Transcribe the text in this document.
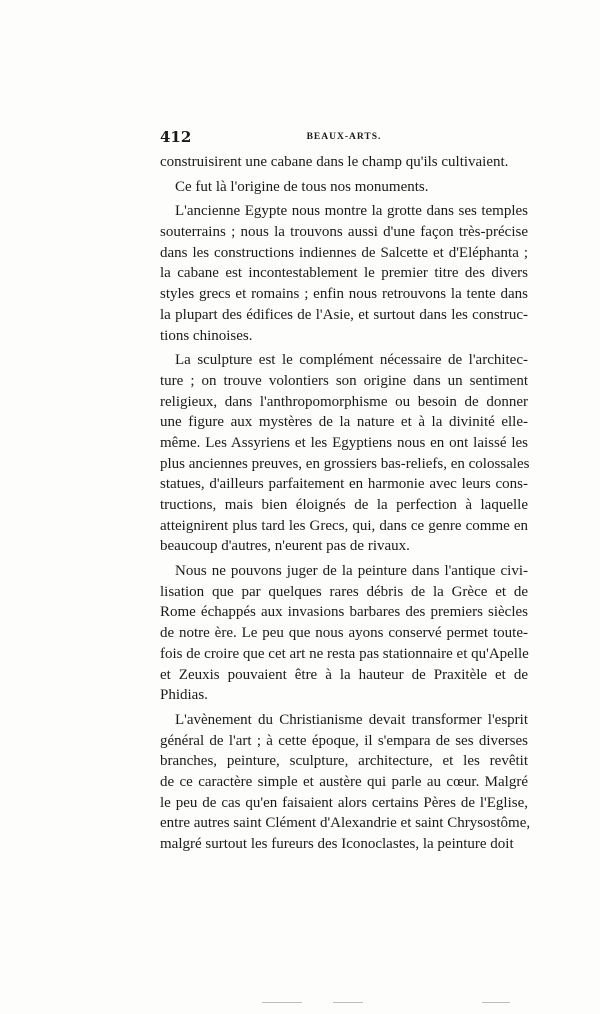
412	BEAUX-ARTS.
construisirent une cabane dans le champ qu'ils cultivaient.
Ce fut là l'origine de tous nos monuments.
L'ancienne Egypte nous montre la grotte dans ses temples
souterrains ; nous la trouvons aussi d'une façon très-précise
dans les constructions indiennes de Salcette et d'Eléphanta ;
la cabane est incontestablement le premier titre des divers
styles grecs et romains ; enfin nous retrouvons la tente dans
la plupart des édifices de l'Asie, et surtout dans les construc-
tions chinoises.
La sculpture est le complément nécessaire de l'architec-
ture ; on trouve volontiers son origine dans un sentiment
religieux, dans l'anthropomorphisme ou besoin de donner
une figure aux mystères de la nature et à la divinité elle-
même. Les Assyriens et les Egyptiens nous en ont laissé les
plus anciennes preuves, en grossiers bas-reliefs, en colossales
statues, d'ailleurs parfaitement en harmonie avec leurs cons-
tructions, mais bien éloignés de la perfection à laquelle
atteignirent plus tard les Grecs, qui, dans ce genre comme en
beaucoup d'autres, n'eurent pas de rivaux.
Nous ne pouvons juger de la peinture dans l'antique civi-
lisation que par quelques rares débris de la Grèce et de
Rome échappés aux invasions barbares des premiers siècles
de notre ère. Le peu que nous ayons conservé permet toute-
fois de croire que cet art ne resta pas stationnaire et qu'Apelle
et Zeuxis pouvaient être à la hauteur de Praxitèle et de
Phidias.
L'avènement du Christianisme devait transformer l'esprit
général de l'art ; à cette époque, il s'empara de ses diverses
branches, peinture, sculpture, architecture, et les revêtit
de ce caractère simple et austère qui parle au cœur. Malgré
le peu de cas qu'en faisaient alors certains Pères de l'Eglise,
entre autres saint Clément d'Alexandrie et saint Chrysostôme,
malgré surtout les fureurs des Iconoclastes, la peinture doit
